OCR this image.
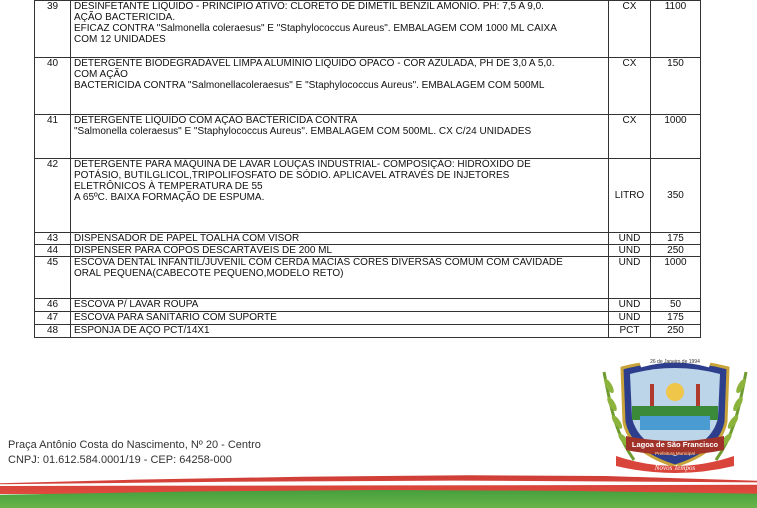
39	DESINFETANTE LÍQUIDO - PRINCÍPIO ATIVO: CLORETO DE DIMETIL BENZIL AMONIO. PH: 7,5 A 9,0.
AÇÃO BACTERICIDA.
EFICAZ CONTRA "Salmonella coleraesus" E "Staphylococcus Aureus". EMBALAGEM COM 1000 ML CAIXA
COM 12 UNIDADES	CX	1100
40	DETERGENTE BIODEGRADÁVEL LIMPA ALUMÍNIO LIQUIDO OPACO - COR AZULADA, PH DE 3,0 A 5,0.
COM AÇÃO
BACTERICIDA CONTRA "Salmonellacoleraesus" E "Staphylococcus Aureus". EMBALAGEM COM 500ML	CX	150
41	DETERGENTE LÍQUIDO COM AÇÃO BACTERICIDA CONTRA
"Salmonella coleraesus" E "Staphylococcus Aureus". EMBALAGEM COM 500ML. CX C/24 UNIDADES	CX	1000
42	DETERGENTE PARA MÁQUINA DE LAVAR LOUÇAS INDUSTRIAL- COMPOSIÇÃO: HIDRÓXIDO DE
POTÁSIO, BUTILGLICOL,TRIPOLIFOSFATO DE SÓDIO. APLICAVEL ATRAVÉS DE INJETORES
ELETRÔNICOS À TEMPERATURA DE 55
A 65ºC. BAIXA FORMAÇÃO DE ESPUMA.	LITRO	350
43	DISPENSADOR DE PAPEL TOALHA COM VISOR	UND	175
44	DISPENSER PARA COPOS DESCARTÁVEIS DE 200 ML	UND	250
45	ESCOVA DENTAL INFANTIL/JUVENIL COM CERDA MACIAS CORES DIVERSAS COMUM COM CAVIDADE
ORAL PEQUENA(CABECOTE PEQUENO,MODELO RETO)	UND	1000
46	ESCOVA P/ LAVAR ROUPA	UND	50
47	ESCOVA PARA SANITÁRIO COM SUPORTE	UND	175
48	ESPONJA DE AÇO PCT/14X1	PCT	250
26 de Janeiro de 1994
Lagoa de São Francisco
Prefeitura Municipal
Novos Tempos
Praça Antônio Costa do Nascimento, Nº 20 - Centro
CNPJ: 01.612.584.0001/19 - CEP: 64258-000
